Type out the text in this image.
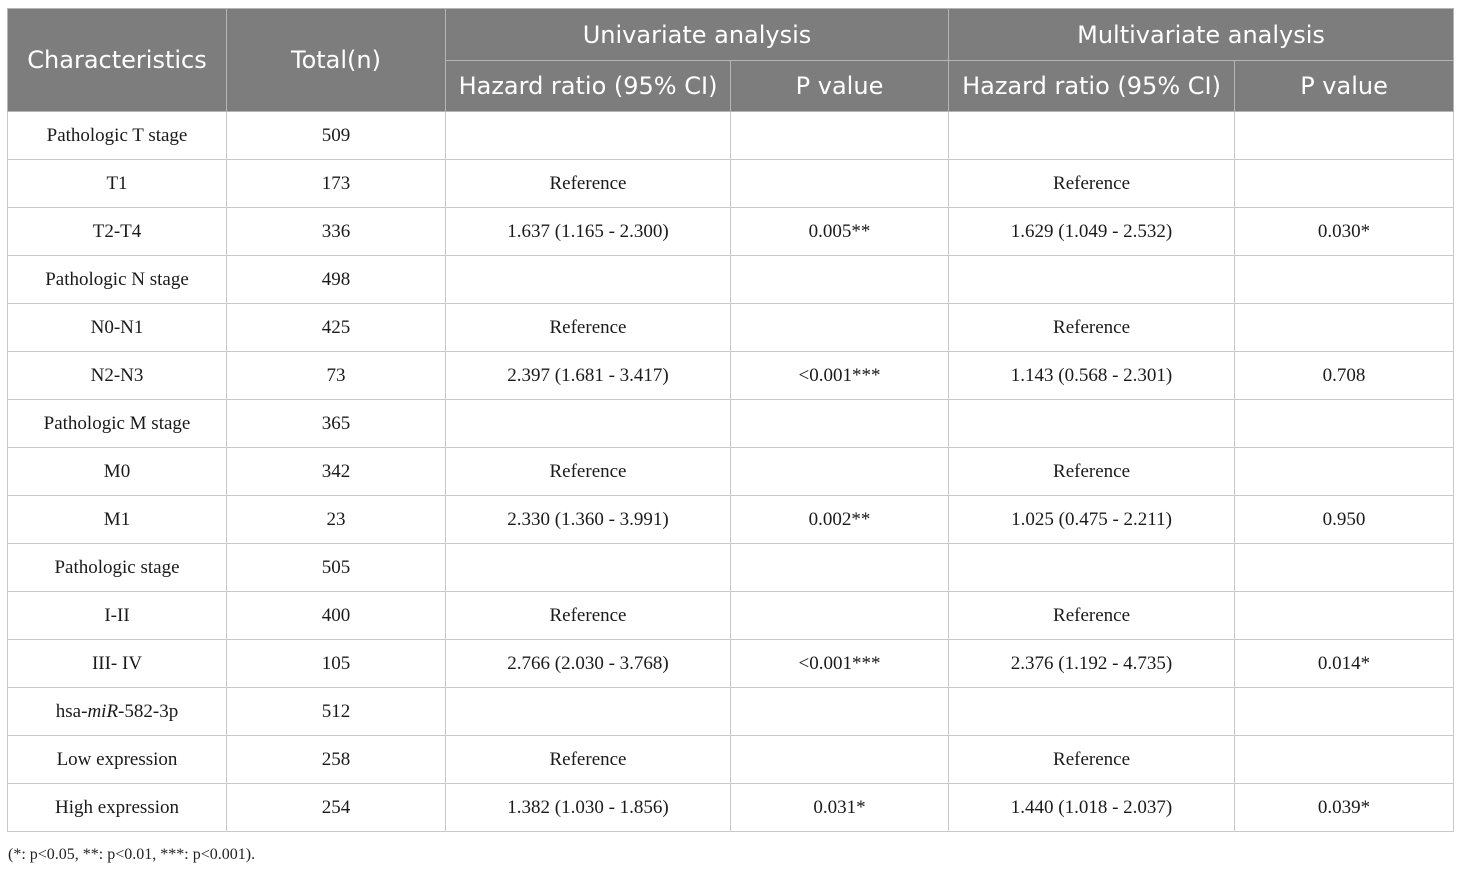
Characteristics	Total(n)	Univariate analysis		Multivariate analysis	
		Hazard ratio (95% CI)	P value	Hazard ratio (95% CI)	P value
Pathologic T stage	509				
T1	173	Reference		Reference	
T2-T4	336	1.637 (1.165 - 2.300)	0.005**	1.629 (1.049 - 2.532)	0.030*
Pathologic N stage	498				
N0-N1	425	Reference		Reference	
N2-N3	73	2.397 (1.681 - 3.417)	<0.001***	1.143 (0.568 - 2.301)	0.708
Pathologic M stage	365				
M0	342	Reference		Reference	
M1	23	2.330 (1.360 - 3.991)	0.002**	1.025 (0.475 - 2.211)	0.950
Pathologic stage	505				
I-II	400	Reference		Reference	
III- IV	105	2.766 (2.030 - 3.768)	<0.001***	2.376 (1.192 - 4.735)	0.014*
hsa-miR-582-3p	512				
Low expression	258	Reference		Reference	
High expression	254	1.382 (1.030 - 1.856)	0.031*	1.440 (1.018 - 2.037)	0.039*
(*: p<0.05, **: p<0.01, ***: p<0.001).
